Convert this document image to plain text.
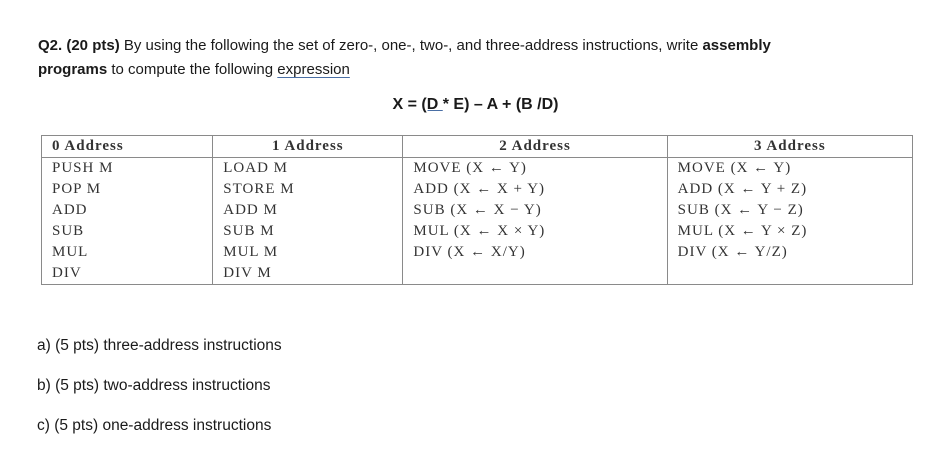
Q2. (20 pts) By using the following the set of zero-, one-, two-, and three-address instructions, write assembly
programs to compute the following expression
X = (D * E) – A + (B /D)
0 Address	1 Address	2 Address	3 Address
PUSH M	LOAD M	MOVE (X ← Y)	MOVE (X ← Y)
POP M	STORE M	ADD (X ← X + Y)	ADD (X ← Y + Z)
ADD	ADD M	SUB (X ← X − Y)	SUB (X ← Y − Z)
SUB	SUB M	MUL (X ← X × Y)	MUL (X ← Y × Z)
MUL	MUL M	DIV (X ← X/Y)	DIV (X ← Y/Z)
DIV	DIV M		
a) (5 pts) three-address instructions
b) (5 pts) two-address instructions
c) (5 pts) one-address instructions
